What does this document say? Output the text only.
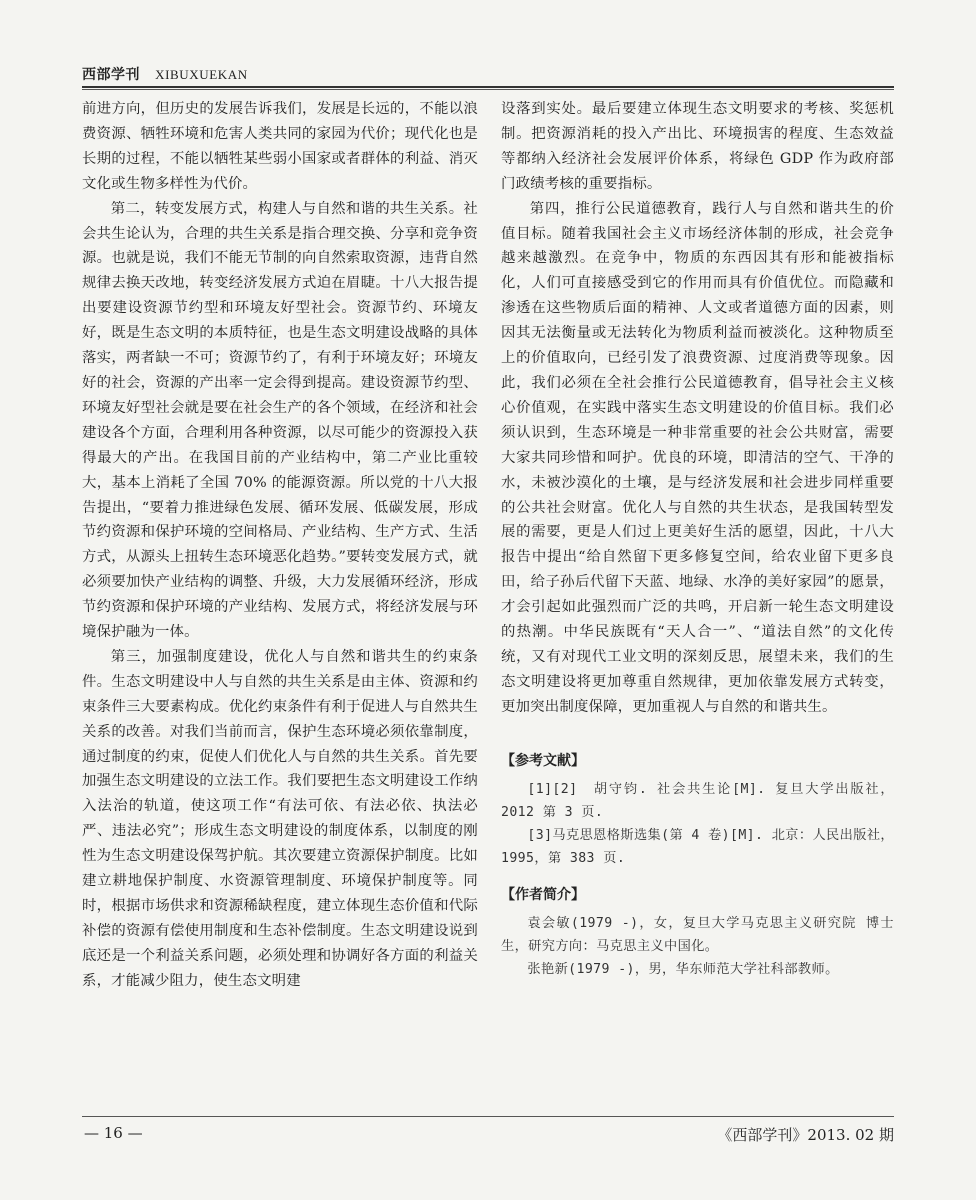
西部学刊 XIBUXUEKAN

前进方向，但历史的发展告诉我们，发展是长远的，不能以浪费资源、牺牲环境和危害人类共同的家园为代价；现代化也是长期的过程，不能以牺牲某些弱小国家或者群体的利益、消灭文化或生物多样性为代价。

第二，转变发展方式，构建人与自然和谐的共生关系。社会共生论认为，合理的共生关系是指合理交换、分享和竞争资源。也就是说，我们不能无节制的向自然索取资源，违背自然规律去换天改地，转变经济发展方式迫在眉睫。十八大报告提出要建设资源节约型和环境友好型社会。资源节约、环境友好，既是生态文明的本质特征，也是生态文明建设战略的具体落实，两者缺一不可；资源节约了，有利于环境友好；环境友好的社会，资源的产出率一定会得到提高。建设资源节约型、环境友好型社会就是要在社会生产的各个领域，在经济和社会建设各个方面，合理利用各种资源，以尽可能少的资源投入获得最大的产出。在我国目前的产业结构中，第二产业比重较大，基本上消耗了全国 70% 的能源资源。所以党的十八大报告提出，“要着力推进绿色发展、循环发展、低碳发展，形成节约资源和保护环境的空间格局、产业结构、生产方式、生活方式，从源头上扭转生态环境恶化趋势。”要转变发展方式，就必须要加快产业结构的调整、升级，大力发展循环经济，形成节约资源和保护环境的产业结构、发展方式，将经济发展与环境保护融为一体。

第三，加强制度建设，优化人与自然和谐共生的约束条件。生态文明建设中人与自然的共生关系是由主体、资源和约束条件三大要素构成。优化约束条件有利于促进人与自然共生关系的改善。对我们当前而言，保护生态环境必须依靠制度，通过制度的约束，促使人们优化人与自然的共生关系。首先要加强生态文明建设的立法工作。我们要把生态文明建设工作纳入法治的轨道，使这项工作“有法可依、有法必依、执法必严、违法必究”；形成生态文明建设的制度体系，以制度的刚性为生态文明建设保驾护航。其次要建立资源保护制度。比如建立耕地保护制度、水资源管理制度、环境保护制度等。同时，根据市场供求和资源稀缺程度，建立体现生态价值和代际补偿的资源有偿使用制度和生态补偿制度。生态文明建设说到底还是一个利益关系问题，必须处理和协调好各方面的利益关系，才能减少阻力，使生态文明建

设落到实处。最后要建立体现生态文明要求的考核、奖惩机制。把资源消耗的投入产出比、环境损害的程度、生态效益等都纳入经济社会发展评价体系，将绿色 GDP 作为政府部门政绩考核的重要指标。

第四，推行公民道德教育，践行人与自然和谐共生的价值目标。随着我国社会主义市场经济体制的形成，社会竞争越来越激烈。在竞争中，物质的东西因其有形和能被指标化，人们可直接感受到它的作用而具有价值优位。而隐藏和渗透在这些物质后面的精神、人文或者道德方面的因素，则因其无法衡量或无法转化为物质利益而被淡化。这种物质至上的价值取向，已经引发了浪费资源、过度消费等现象。因此，我们必须在全社会推行公民道德教育，倡导社会主义核心价值观，在实践中落实生态文明建设的价值目标。我们必须认识到，生态环境是一种非常重要的社会公共财富，需要大家共同珍惜和呵护。优良的环境，即清洁的空气、干净的水，未被沙漠化的土壤，是与经济发展和社会进步同样重要的公共社会财富。优化人与自然的共生状态，是我国转型发展的需要，更是人们过上更美好生活的愿望，因此，十八大报告中提出“给自然留下更多修复空间，给农业留下更多良田，给子孙后代留下天蓝、地绿、水净的美好家园”的愿景，才会引起如此强烈而广泛的共鸣，开启新一轮生态文明建设的热潮。中华民族既有“天人合一”、“道法自然”的文化传统，又有对现代工业文明的深刻反思，展望未来，我们的生态文明建设将更加尊重自然规律，更加依靠发展方式转变，更加突出制度保障，更加重视人与自然的和谐共生。

【参考文献】

[1][2]　胡守钧. 社会共生论[M]. 复旦大学出版社，2012 第 3 页.

[3]马克思恩格斯选集(第 4 卷)[M]. 北京：人民出版社，1995，第 383 页.

【作者简介】

袁会敏(1979 -)，女，复旦大学马克思主义研究院 博士生，研究方向：马克思主义中国化。

张艳新(1979 -)，男，华东师范大学社科部教师。

— 16 —	《西部学刊》2013. 02 期
